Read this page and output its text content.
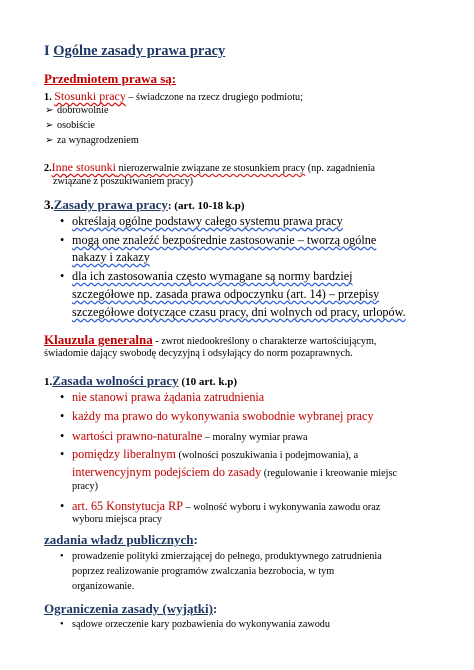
I Ogólne zasady prawa pracy
Przedmiotem prawa są:
1. Stosunki pracy – świadczone na rzecz drugiego podmiotu;
➢ dobrowolnie
➢ osobiście
➢ za wynagrodzeniem
2.Inne stosunki nierozerwalnie związane ze stosunkiem pracy (np. zagadnienia
związane z poszukiwaniem pracy)
3.Zasady prawa pracy: (art. 10-18 k.p)
• określają ogólne podstawy całego systemu prawa pracy
• mogą one znaleźć bezpośrednie zastosowanie – tworzą ogólne
nakazy i zakazy
• dla ich zastosowania często wymagane są normy bardziej
szczegółowe np. zasada prawa odpoczynku (art. 14) – przepisy
szczegółowe dotyczące czasu pracy, dni wolnych od pracy, urlopów.
Klauzula generalna - zwrot niedookreślony o charakterze wartościującym,
świadomie dający swobodę decyzyjną i odsyłający do norm pozaprawnych.
1.Zasada wolności pracy (10 art. k.p)
• nie stanowi prawa żądania zatrudnienia
• każdy ma prawo do wykonywania swobodnie wybranej pracy
• wartości prawno-naturalne – moralny wymiar prawa
• pomiędzy liberalnym (wolności poszukiwania i podejmowania), a
interwencyjnym podejściem do zasady (regulowanie i kreowanie miejsc
pracy)
• art. 65 Konstytucja RP – wolność wyboru i wykonywania zawodu oraz
wyboru miejsca pracy
zadania władz publicznych:
• prowadzenie polityki zmierzającej do pełnego, produktywnego zatrudnienia
poprzez realizowanie programów zwalczania bezrobocia, w tym
organizowanie.
Ograniczenia zasady (wyjątki):
• sądowe orzeczenie kary pozbawienia do wykonywania zawodu
